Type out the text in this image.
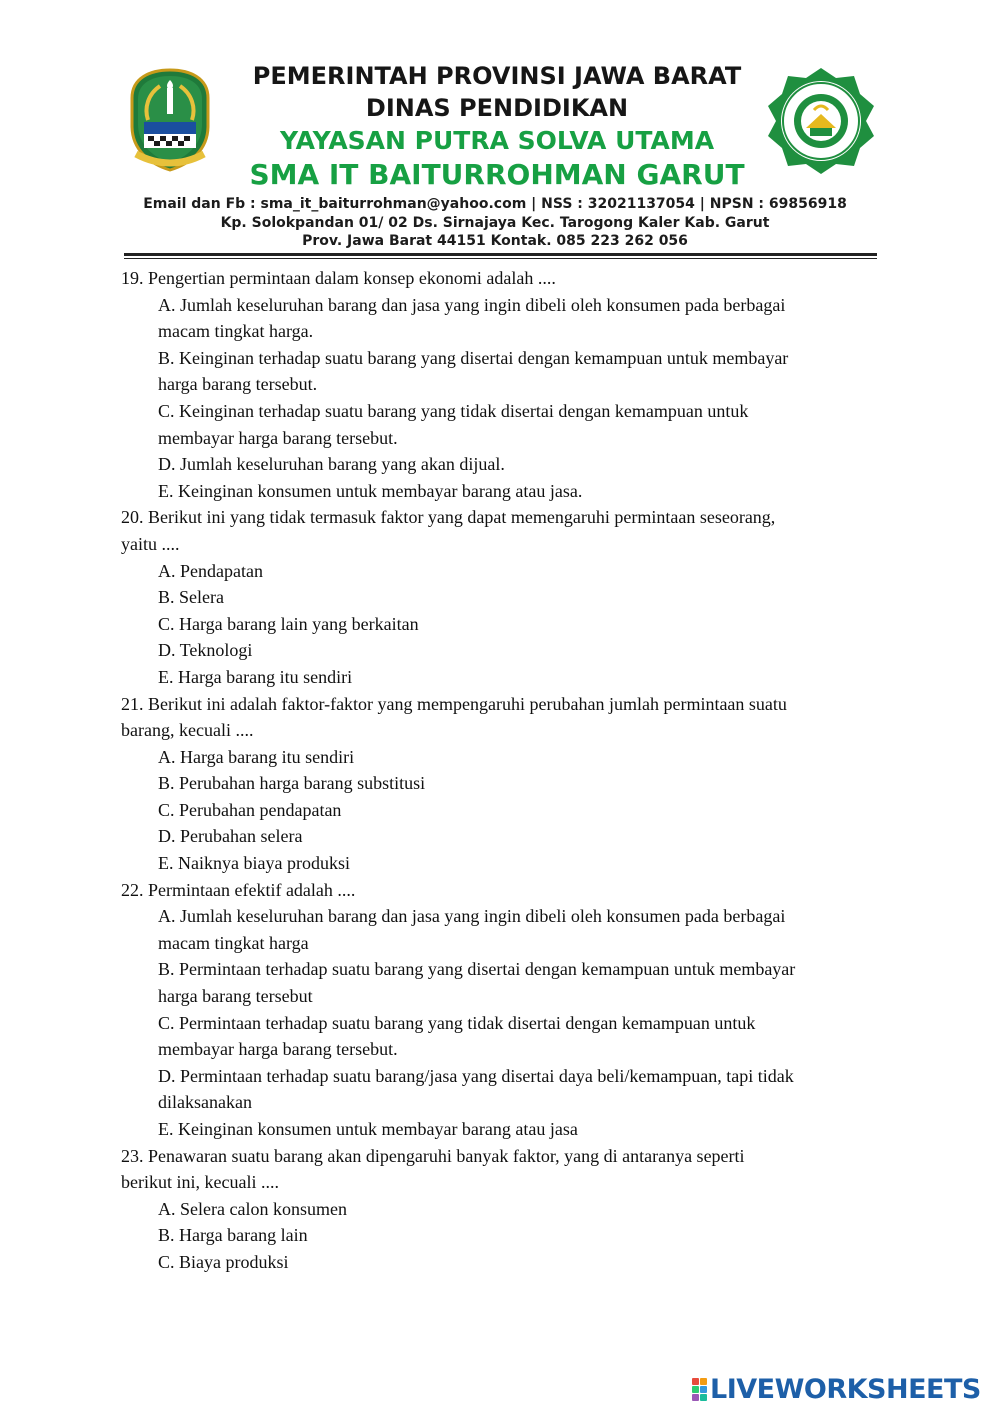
PEMERINTAH PROVINSI JAWA BARAT
DINAS PENDIDIKAN
YAYASAN PUTRA SOLVA UTAMA
SMA IT BAITURROHMAN GARUT
Email dan Fb : sma_it_baiturrohman@yahoo.com | NSS : 32021137054 | NPSN : 69856918
Kp. Solokpandan 01/ 02 Ds. Sirnajaya Kec. Tarogong Kaler Kab. Garut
Prov. Jawa Barat 44151 Kontak. 085 223 262 056
19. Pengertian permintaan dalam konsep ekonomi adalah ....
A. Jumlah keseluruhan barang dan jasa yang ingin dibeli oleh konsumen pada berbagai
macam tingkat harga.
B. Keinginan terhadap suatu barang yang disertai dengan kemampuan untuk membayar
harga barang tersebut.
C. Keinginan terhadap suatu barang yang tidak disertai dengan kemampuan untuk
membayar harga barang tersebut.
D. Jumlah keseluruhan barang yang akan dijual.
E. Keinginan konsumen untuk membayar barang atau jasa.
20. Berikut ini yang tidak termasuk faktor yang dapat memengaruhi permintaan seseorang,
yaitu ....
A. Pendapatan
B. Selera
C. Harga barang lain yang berkaitan
D. Teknologi
E. Harga barang itu sendiri
21. Berikut ini adalah faktor-faktor yang mempengaruhi perubahan jumlah permintaan suatu
barang, kecuali ....
A. Harga barang itu sendiri
B. Perubahan harga barang substitusi
C. Perubahan pendapatan
D. Perubahan selera
E. Naiknya biaya produksi
22. Permintaan efektif adalah ....
A. Jumlah keseluruhan barang dan jasa yang ingin dibeli oleh konsumen pada berbagai
macam tingkat harga
B. Permintaan terhadap suatu barang yang disertai dengan kemampuan untuk membayar
harga barang tersebut
C. Permintaan terhadap suatu barang yang tidak disertai dengan kemampuan untuk
membayar harga barang tersebut.
D. Permintaan terhadap suatu barang/jasa yang disertai daya beli/kemampuan, tapi tidak
dilaksanakan
E. Keinginan konsumen untuk membayar barang atau jasa
23. Penawaran suatu barang akan dipengaruhi banyak faktor, yang di antaranya seperti
berikut ini, kecuali ....
A. Selera calon konsumen
B. Harga barang lain
C. Biaya produksi
LIVEWORKSHEETS
